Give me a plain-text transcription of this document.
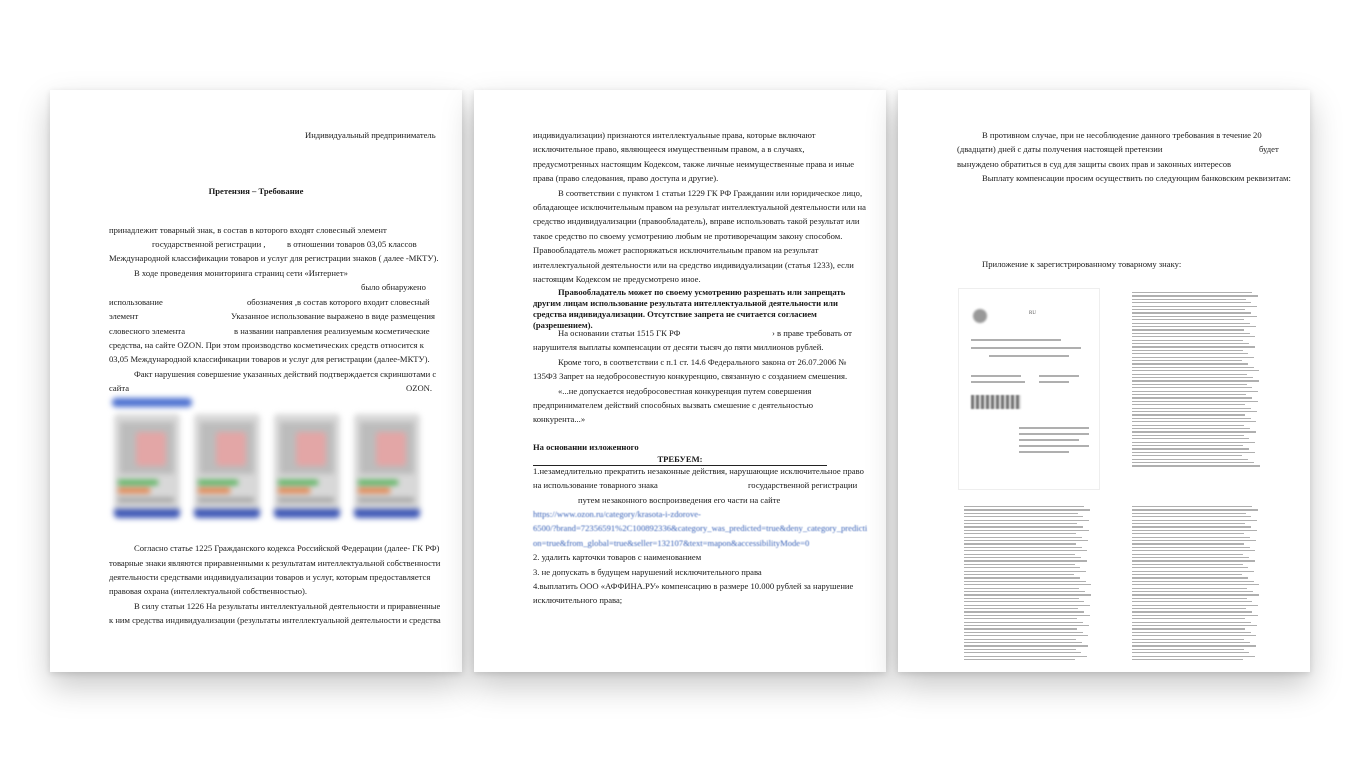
Индивидуальный предприниматель
Претензия – Требование
принадлежит товарный знак, в состав в которого входят словесный элемент
государственной регистрации , в отношении товаров 03,05 классов
Международной классификации товаров и услуг для регистрации знаков ( далее -МКТУ).
В ходе проведения мониторинга страниц сети «Интернет»
было обнаружено
использование	обозначения ,в состав которого входит словесный
элемент	Указанное использование выражено в виде размещения
словесного элемента	в названии направления реализуемым косметические
средства, на сайте OZON. При этом производство косметических средств относится к
03,05 Международной классификации товаров и услуг для регистрации (далее-МКТУ).
Факт нарушения совершение указанных действий подтверждается скриншотами с
сайта	OZON.
Согласно статье 1225 Гражданского кодекса Российской Федерации (далее- ГК РФ)
товарные знаки являются приравненными к результатам интеллектуальной собственности
деятельности средствами индивидуализации товаров и услуг, которым предоставляется
правовая охрана (интеллектуальной собственностью).
В силу статьи 1226 На результаты интеллектуальной деятельности и приравненные
к ним средства индивидуализации (результаты интеллектуальной деятельности и средства
индивидуализации) признаются интеллектуальные права, которые включают
исключительное право, являющееся имущественным правом, а в случаях,
предусмотренных настоящим Кодексом, также личные неимущественные права и иные
права (право следования, право доступа и другие).
В соответствии с пунктом 1 статьи 1229 ГК РФ Гражданин или юридическое лицо,
обладающее исключительным правом на результат интеллектуальной деятельности или на
средство индивидуализации (правообладатель), вправе использовать такой результат или
такое средство по своему усмотрению любым не противоречащим закону способом.
Правообладатель может распоряжаться исключительным правом на результат
интеллектуальной деятельности или на средство индивидуализации (статья 1233), если
настоящим Кодексом не предусмотрено иное.
Правообладатель может по своему усмотрению разрешать или запрещать
другим лицам использование результата интеллектуальной деятельности или
средства индивидуализации. Отсутствие запрета не считается согласием
(разрешением).
На основании статьи 1515 ГК РФ	› в праве требовать от
нарушителя выплаты компенсации от десяти тысяч до пяти миллионов рублей.
Кроме того, в соответствии с п.1 ст. 14.6 Федерального закона от 26.07.2006 №
135ФЗ Запрет на недобросовестную конкуренцию, связанную с созданием смешения.
«...не допускается недобросовестная конкуренция путем совершения
предпринимателем действий способных вызвать смешение с деятельностью
конкурента...»
На основании изложенного
ТРЕБУЕМ:
1.незамедлительно прекратить незаконные действия, нарушающие исключительное право
на использование товарного знака	государственной регистрации
путем незаконного воспроизведения его части на сайте
https://www.ozon.ru/category/krasota-i-zdorove-
6500/?brand=72356591%2C100892336&category_was_predicted=true&deny_category_predicti
on=true&from_global=true&seller=132107&text=mapon&accessibilityMode=0
2. удалить карточки товаров с наименованием
3. не допускать в будущем нарушений исключительного права
4.выплатить ООО «АФФИНА.РУ» компенсацию в размере 10.000 рублей за нарушение
исключительного права;
В противном случае, при не несоблюдение данного требования в течение 20
(двадцати) дней с даты получения настоящей претензии	будет
вынуждено обратиться в суд для защиты своих прав и законных интересов
Выплату компенсации просим осуществить по следующим банковским реквизитам:
Приложение к зарегистрированному товарному знаку:
RU
